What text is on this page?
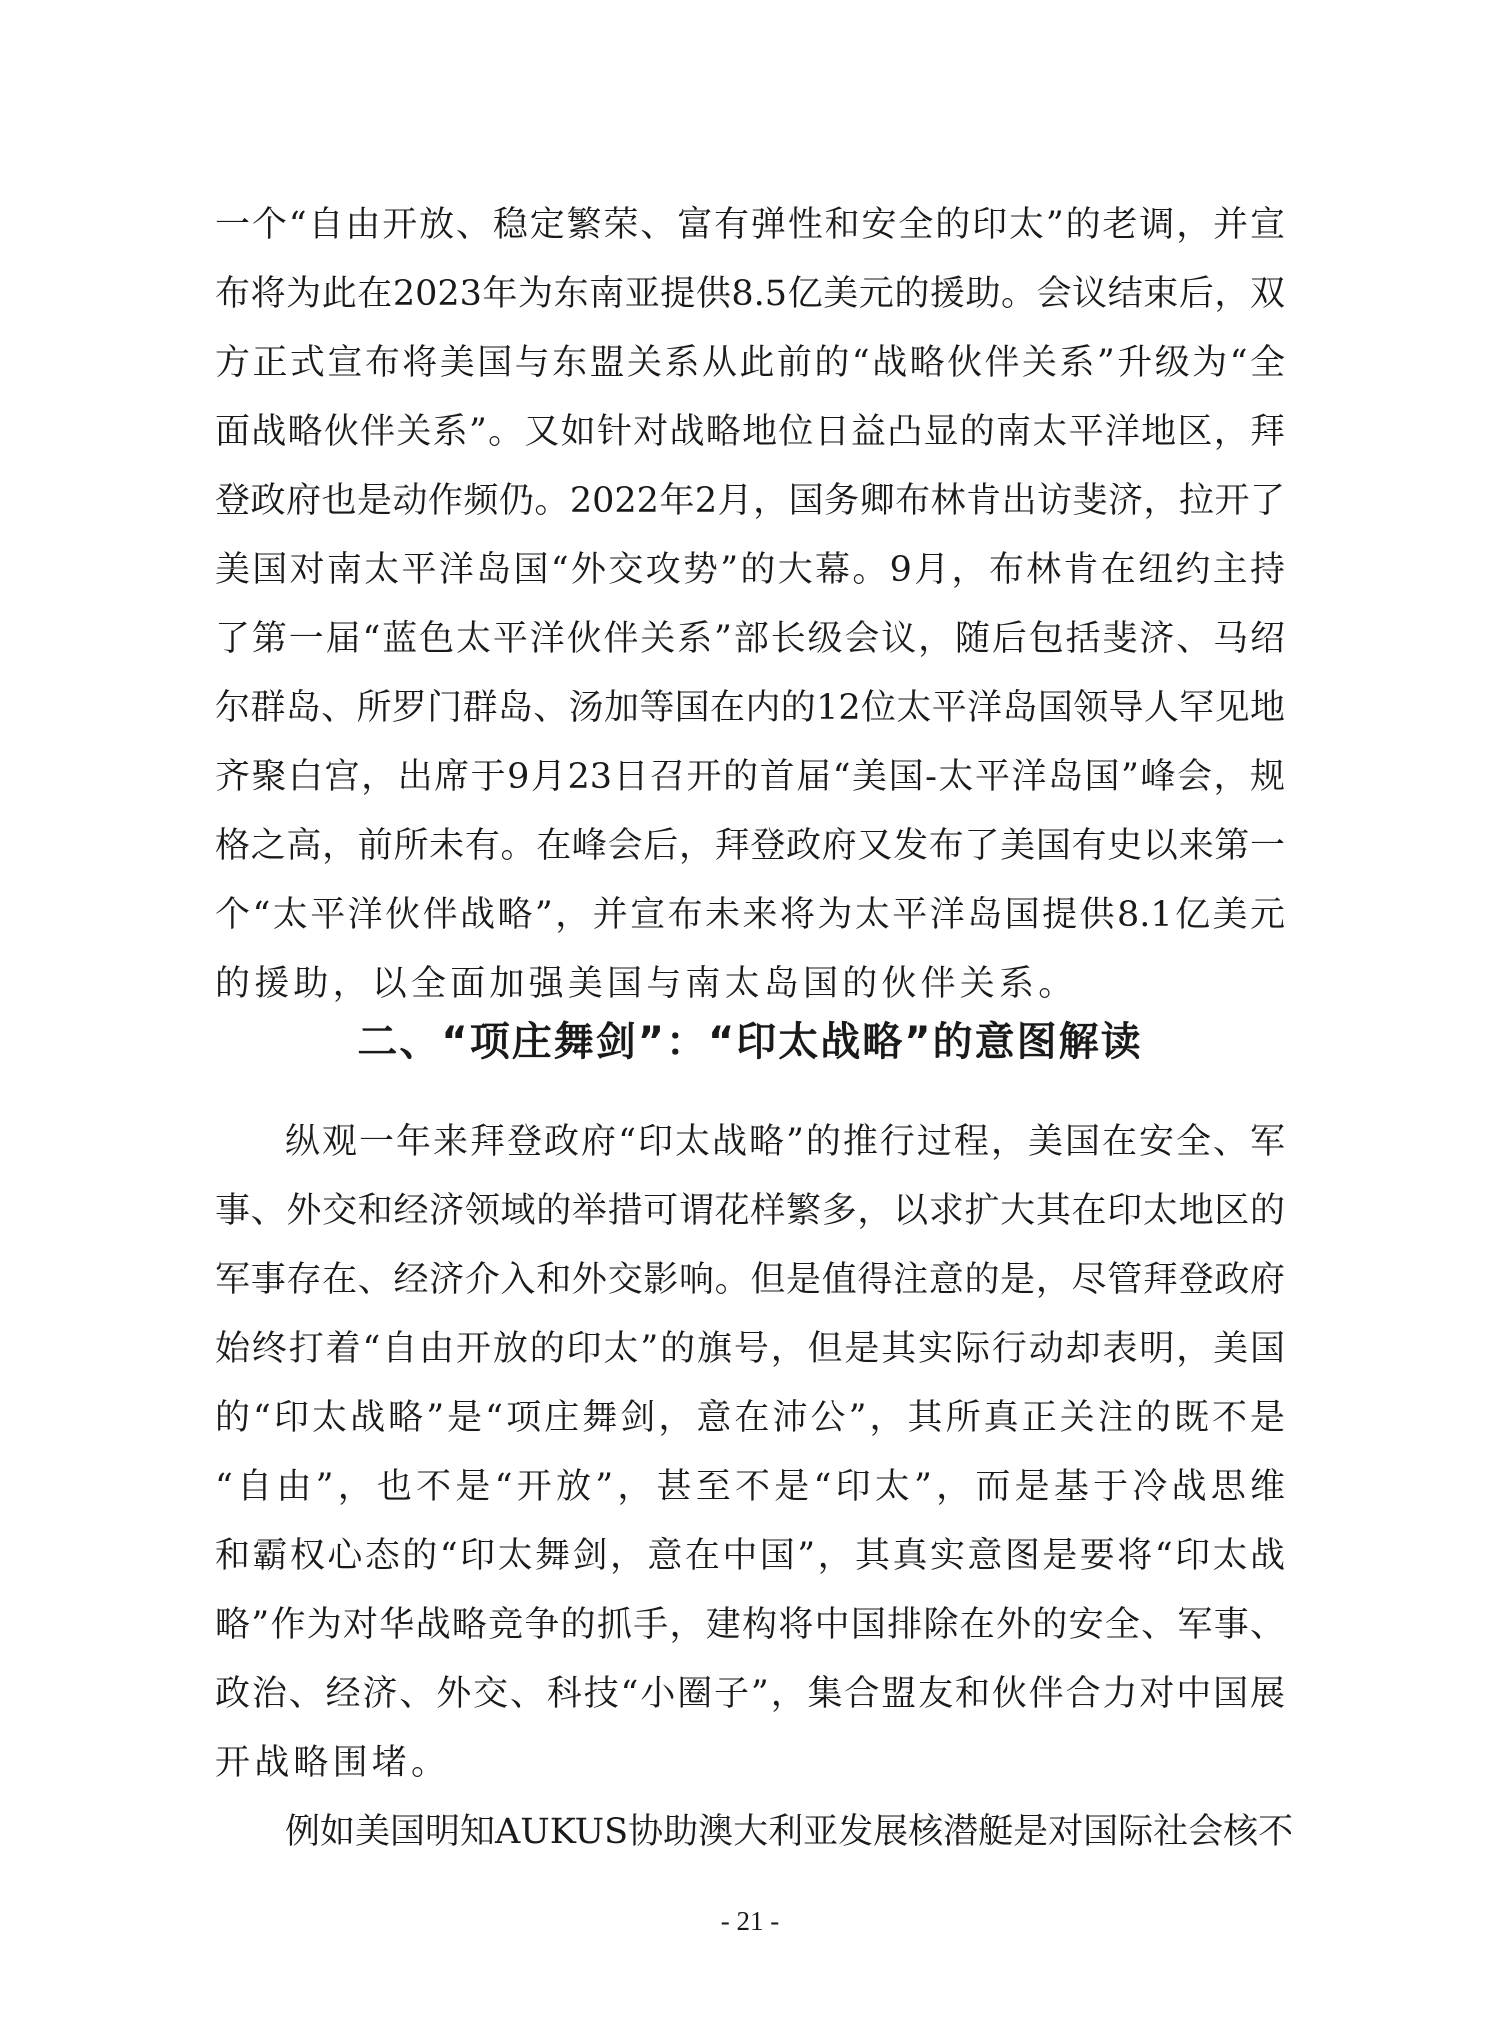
一个“自由开放、稳定繁荣、富有弹性和安全的印太”的老调，并宣
布将为此在2023年为东南亚提供8.5亿美元的援助。会议结束后，双
方正式宣布将美国与东盟关系从此前的“战略伙伴关系”升级为“全
面战略伙伴关系”。又如针对战略地位日益凸显的南太平洋地区，拜
登政府也是动作频仍。2022年2月，国务卿布林肯出访斐济，拉开了
美国对南太平洋岛国“外交攻势”的大幕。9月，布林肯在纽约主持
了第一届“蓝色太平洋伙伴关系”部长级会议，随后包括斐济、马绍
尔群岛、所罗门群岛、汤加等国在内的12位太平洋岛国领导人罕见地
齐聚白宫，出席于9月23日召开的首届“美国-太平洋岛国”峰会，规
格之高，前所未有。在峰会后，拜登政府又发布了美国有史以来第一
个“太平洋伙伴战略”，并宣布未来将为太平洋岛国提供8.1亿美元
的援助，以全面加强美国与南太岛国的伙伴关系。
二、“项庄舞剑”：“印太战略”的意图解读
纵观一年来拜登政府“印太战略”的推行过程，美国在安全、军
事、外交和经济领域的举措可谓花样繁多，以求扩大其在印太地区的
军事存在、经济介入和外交影响。但是值得注意的是，尽管拜登政府
始终打着“自由开放的印太”的旗号，但是其实际行动却表明，美国
的“印太战略”是“项庄舞剑，意在沛公”，其所真正关注的既不是
“自由”，也不是“开放”，甚至不是“印太”，而是基于冷战思维
和霸权心态的“印太舞剑，意在中国”，其真实意图是要将“印太战
略”作为对华战略竞争的抓手，建构将中国排除在外的安全、军事、
政治、经济、外交、科技“小圈子”，集合盟友和伙伴合力对中国展
开战略围堵。
例如美国明知AUKUS协助澳大利亚发展核潜艇是对国际社会核不
- 21 -
